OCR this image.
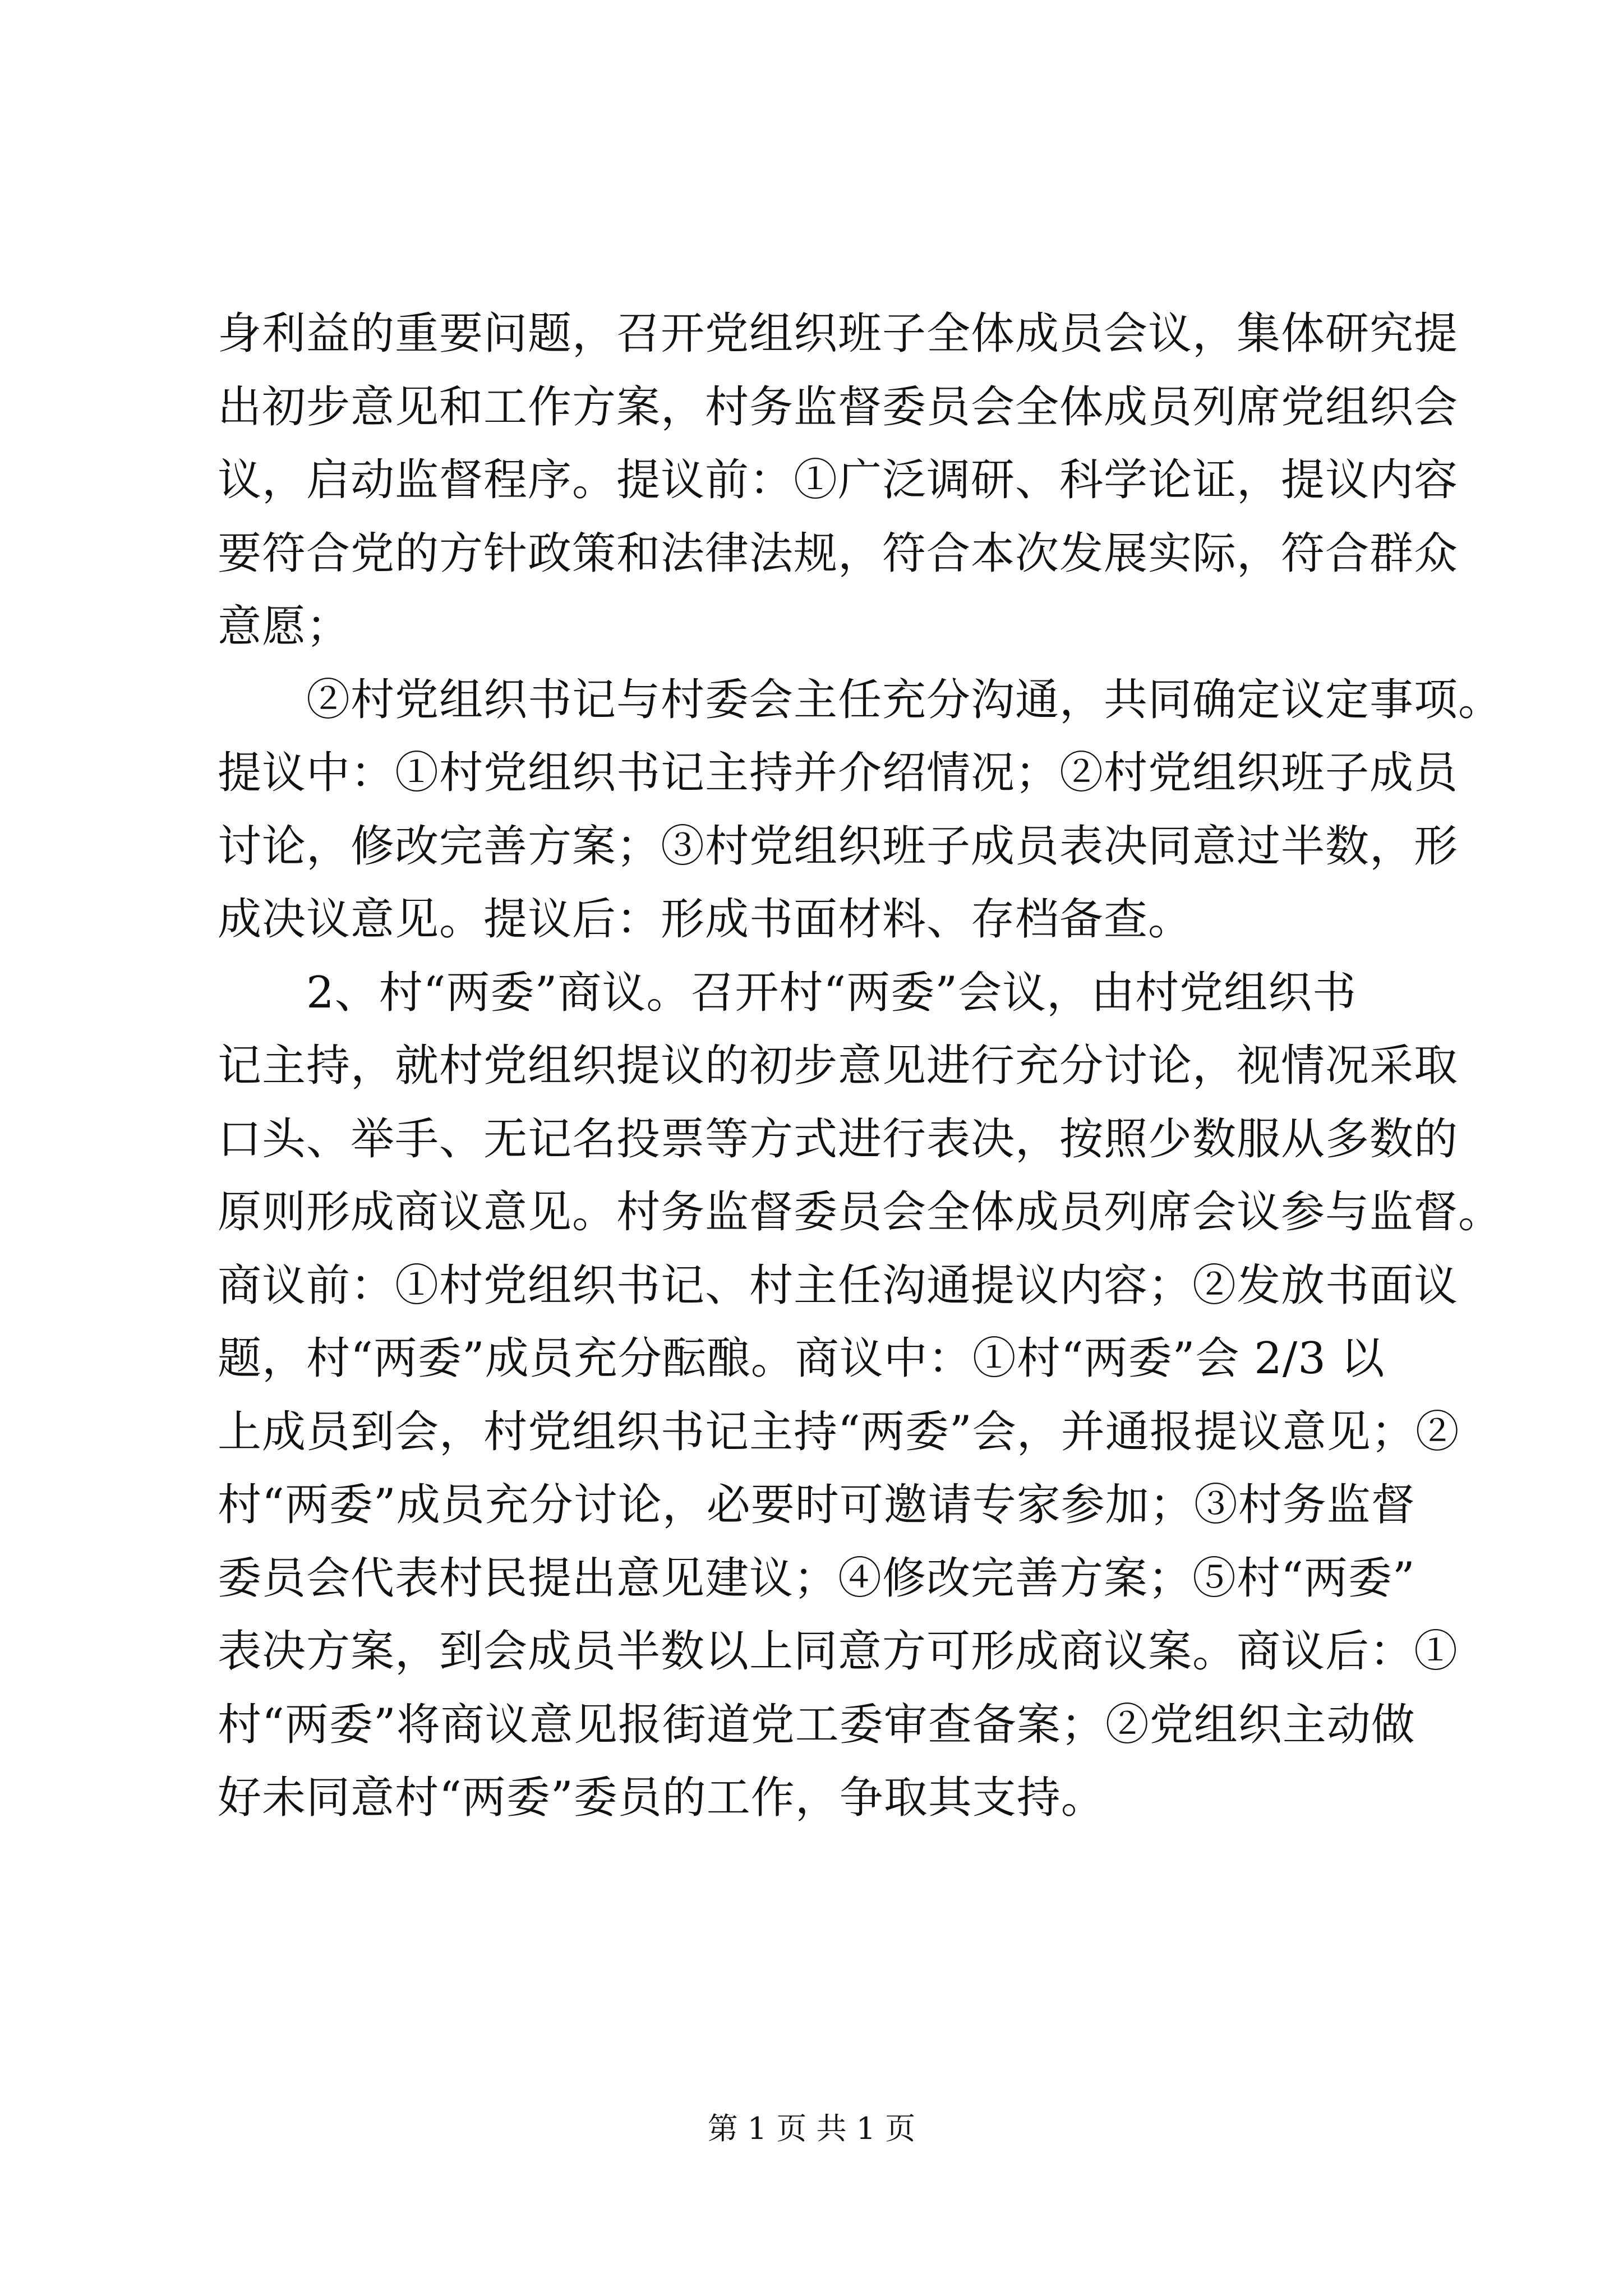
身利益的重要问题，召开党组织班子全体成员会议，集体研究提
出初步意见和工作方案，村务监督委员会全体成员列席党组织会
议，启动监督程序。提议前：①广泛调研、科学论证，提议内容
要符合党的方针政策和法律法规，符合本次发展实际，符合群众
意愿；
　　②村党组织书记与村委会主任充分沟通，共同确定议定事项。
提议中：①村党组织书记主持并介绍情况；②村党组织班子成员
讨论，修改完善方案；③村党组织班子成员表决同意过半数，形
成决议意见。提议后：形成书面材料、存档备查。
　　2、村“两委”商议。召开村“两委”会议，由村党组织书
记主持，就村党组织提议的初步意见进行充分讨论，视情况采取
口头、举手、无记名投票等方式进行表决，按照少数服从多数的
原则形成商议意见。村务监督委员会全体成员列席会议参与监督。
商议前：①村党组织书记、村主任沟通提议内容；②发放书面议
题，村“两委”成员充分酝酿。商议中：①村“两委”会 2/3 以
上成员到会，村党组织书记主持“两委”会，并通报提议意见；②
村“两委”成员充分讨论，必要时可邀请专家参加；③村务监督
委员会代表村民提出意见建议；④修改完善方案；⑤村“两委”
表决方案，到会成员半数以上同意方可形成商议案。商议后：①
村“两委”将商议意见报街道党工委审查备案；②党组织主动做
好未同意村“两委”委员的工作，争取其支持。
第 1 页 共 1 页
